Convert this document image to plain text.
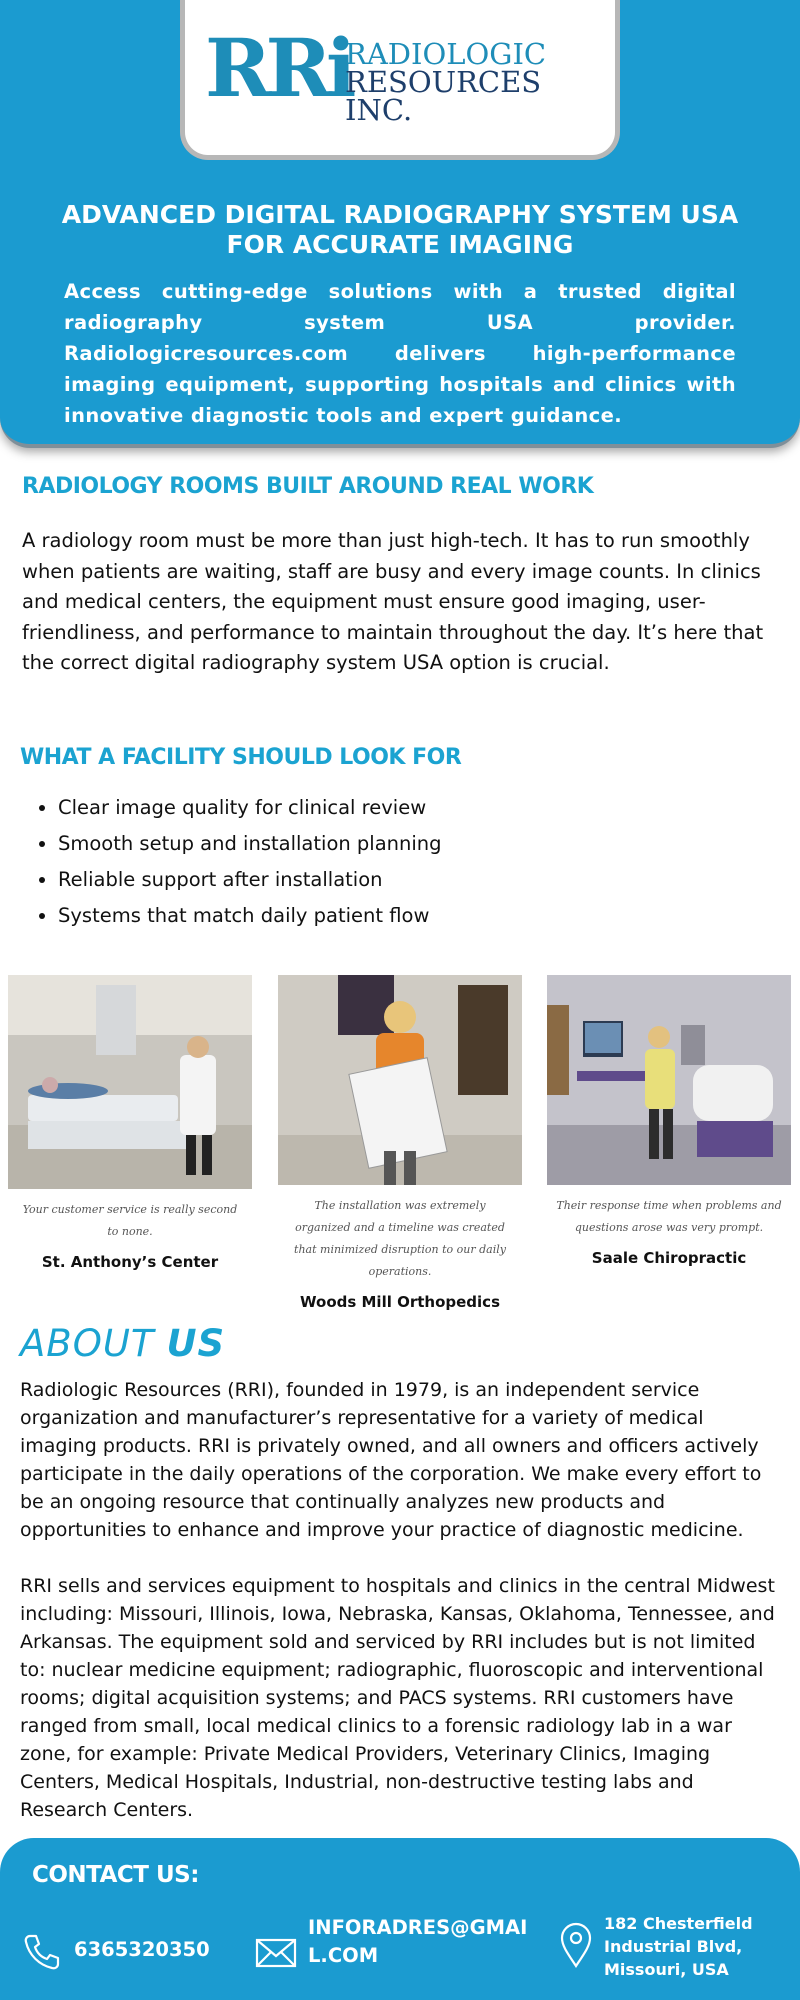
RRi
RADIOLOGIC
RESOURCES INC.
ADVANCED DIGITAL RADIOGRAPHY SYSTEM USA FOR ACCURATE IMAGING
Access cutting-edge solutions with a trusted digital radiography system USA provider. Radiologicresources.com delivers high-performance imaging equipment, supporting hospitals and clinics with innovative diagnostic tools and expert guidance.
RADIOLOGY ROOMS BUILT AROUND REAL WORK

A radiology room must be more than just high-tech. It has to run smoothly when patients are waiting, staff are busy and every image counts. In clinics and medical centers, the equipment must ensure good imaging, user-friendliness, and performance to maintain throughout the day. It’s here that the correct digital radiography system USA option is crucial.

WHAT A FACILITY SHOULD LOOK FOR
• Clear image quality for clinical review
• Smooth setup and installation planning
• Reliable support after installation
• Systems that match daily patient flow
Your customer service is really second to none.
St. Anthony’s Center
The installation was extremely organized and a timeline was created that minimized disruption to our daily operations.
Woods Mill Orthopedics
Their response time when problems and questions arose was very prompt.
Saale Chiropractic
ABOUT US

Radiologic Resources (RRI), founded in 1979, is an independent service organization and manufacturer’s representative for a variety of medical imaging products. RRI is privately owned, and all owners and officers actively participate in the daily operations of the corporation. We make every effort to be an ongoing resource that continually analyzes new products and opportunities to enhance and improve your practice of diagnostic medicine.

RRI sells and services equipment to hospitals and clinics in the central Midwest including: Missouri, Illinois, Iowa, Nebraska, Kansas, Oklahoma, Tennessee, and Arkansas. The equipment sold and serviced by RRI includes but is not limited to: nuclear medicine equipment; radiographic, fluoroscopic and interventional rooms; digital acquisition systems; and PACS systems. RRI customers have ranged from small, local medical clinics to a forensic radiology lab in a war zone, for example: Private Medical Providers, Veterinary Clinics, Imaging Centers, Medical Hospitals, Industrial, non-destructive testing labs and Research Centers.

CONTACT US:
6365320350
INFORADRES@GMAIL.COM
182 Chesterfield Industrial Blvd, Missouri, USA
